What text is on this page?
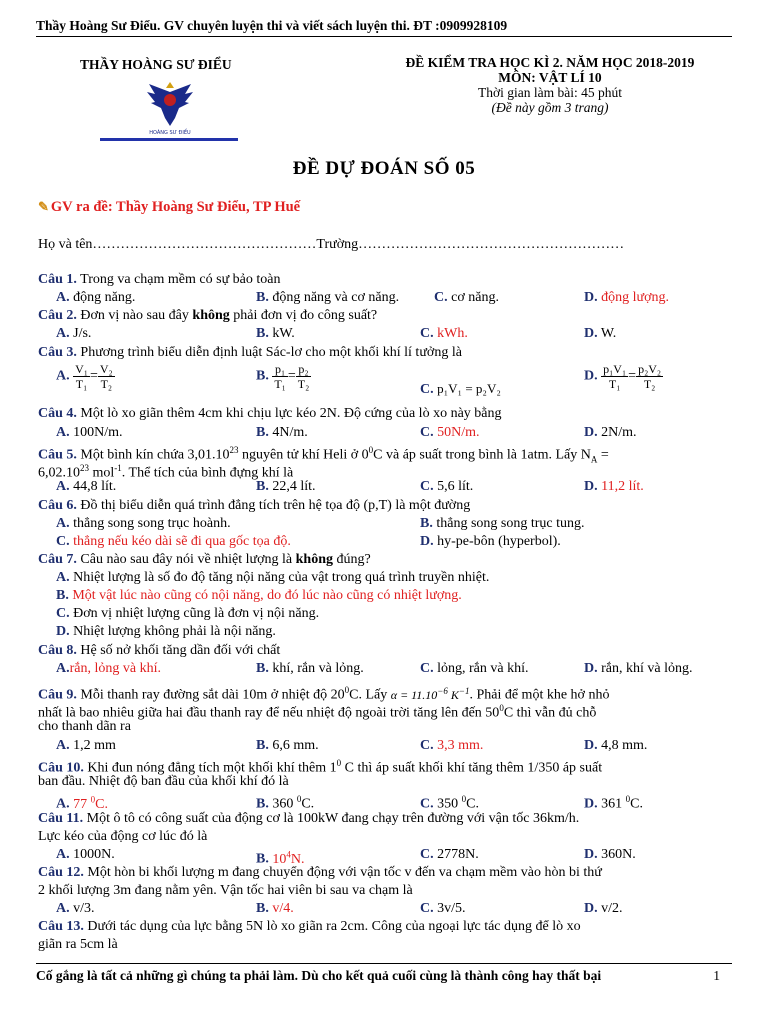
Thầy Hoàng Sư Điểu. GV chuyên luyện thi và viết sách luyện thi. ĐT :0909928109
THẦY HOÀNG SƯ ĐIỂU	ĐỀ KIỂM TRA HỌC KÌ 2. NĂM HỌC 2018-2019
MÔN: VẬT LÍ 10
Thời gian làm bài: 45 phút
(Đề này gồm 3 trang)
HOÀNG SƯ ĐIỂU
ĐỀ DỰ ĐOÁN SỐ 05
✎ GV ra đề: Thầy Hoàng Sư Điểu, TP Huế
Họ và tên…………………………………………Trường…………………………………………………
Câu 1. Trong va chạm mềm có sự bảo toàn
A. động năng.	B. động năng và cơ năng. C. cơ năng.	D. động lượng.
Câu 2. Đơn vị nào sau đây không phải đơn vị đo công suất?
A. J/s.	B. kW.	C. kWh.	D. W.
Câu 3. Phương trình biểu diễn định luật Sác-lơ cho một khối khí lí tưởng là
A. $\frac{\text{V₁}}{\text{T₁}} = \frac{\text{V₂}}{\text{T₂}}$	B. $\frac{\text{p₁}}{\text{T₁}} = \frac{\text{p₂}}{\text{T₂}}$	C. p₁V₁ = p₂V₂
D. $\frac{\text{p₁V₁}}{\text{T₁}} = \frac{\text{p₂V₂}}{\text{T₂}}$
Câu 4. Một lò xo giãn thêm 4cm khi chịu lực kéo 2N. Độ cứng của lò xo này bằng
A. 100N/m.	B. 4N/m.	C. 50N/m.	D. 2N/m.
Câu 5. Một bình kín chứa 3,01.10$^{23}$ nguyên tử khí Heli ở $0^0C$ và áp suất trong bình là 1atm. Lấy $N_A$ =
$6,02.10^{23}$ mol$^{-1}$. Thể tích của bình đựng khí là
A. 44,8 lít.	B. 22,4 lít.	C. 5,6 lít.	D. 11,2 lít.
Câu 6. Đồ thị biểu diễn quá trình đẳng tích trên hệ tọa độ (p,T) là một đường
A. thẳng song song trục hoành.	B. thẳng song song trục tung.
C. thẳng nếu kéo dài sẽ đi qua gốc tọa độ.	D. hy-pe-bôn (hyperbol).
Câu 7. Câu nào sau đây nói về nhiệt lượng là không đúng?
A. Nhiệt lượng là số đo độ tăng nội năng của vật trong quá trình truyền nhiệt.
B. Một vật lúc nào cũng có nội năng, do đó lúc nào cũng có nhiệt lượng.
C. Đơn vị nhiệt lượng cũng là đơn vị nội năng.
D. Nhiệt lượng không phải là nội năng.
Câu 8. Hệ số nở khối tăng dần đối với chất
A.rắn, lỏng và khí.	B. khí, rắn và lỏng.	C. lỏng, rắn và khí.	D. rắn, khí và lỏng.
Câu 9. Mỗi thanh ray đường sắt dài 10m ở nhiệt độ $20^0C$. Lấy $\alpha = 11.10^{-6}$ $K^{-1}$. Phải để một khe hở nhỏ
nhất là bao nhiêu giữa hai đầu thanh ray để nếu nhiệt độ ngoài trời tăng lên đến $50^0C$ thì vẫn đủ chỗ
cho thanh dãn ra
A. 1,2 mm	B. 6,6 mm.	C. 3,3 mm.	D. 4,8 mm.
Câu 10. Khi đun nóng đẳng tích một khối khí thêm $1^0$ C thì áp suất khối khí tăng thêm 1/350 áp suất
ban đầu. Nhiệt độ ban đầu của khối khí đó là
A. 77 $^0$C.	B. 360 $^0$C.	C. 350 $^0$C.	D. 361 $^0$C.
Câu 11. Một ô tô có công suất của động cơ là 100kW đang chạy trên đường với vận tốc 36km/h.
Lực kéo của động cơ lúc đó là
A. 1000N.	B. $10^4N$.	C. 2778N.	D. 360N.
Câu 12. Một hòn bi khối lượng m đang chuyển động với vận tốc v đến va chạm mềm vào hòn bi thứ
2 khối lượng 3m đang nằm yên. Vận tốc hai viên bi sau va chạm là
A. v/3.	B. v/4.	C. 3v/5.	D. v/2.
Câu 13. Dưới tác dụng của lực bằng 5N lò xo giãn ra 2cm. Công của ngoại lực tác dụng để lò xo
giãn ra 5cm là
Cố gắng là tất cả những gì chúng ta phải làm. Dù cho kết quả cuối cùng là thành công hay thất bại	1
